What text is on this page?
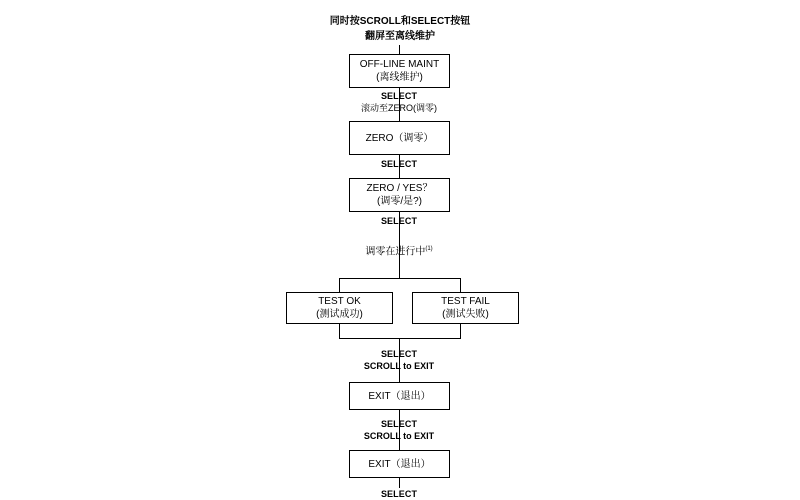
同时按SCROLL和SELECT按钮
翻屏至离线维护
OFF-LINE MAINT
(离线维护)
SELECT
滚动至ZERO(调零)
ZERO（调零）
SELECT
ZERO / YES？
(调零/是?)
SELECT
调零在进行中$^{(1)}$
TEST OK
(测试成功)
TEST FAIL
(测试失败)
SELECT
SCROLL to EXIT
EXIT（退出）
SELECT
SCROLL to EXIT
EXIT（退出）
SELECT
